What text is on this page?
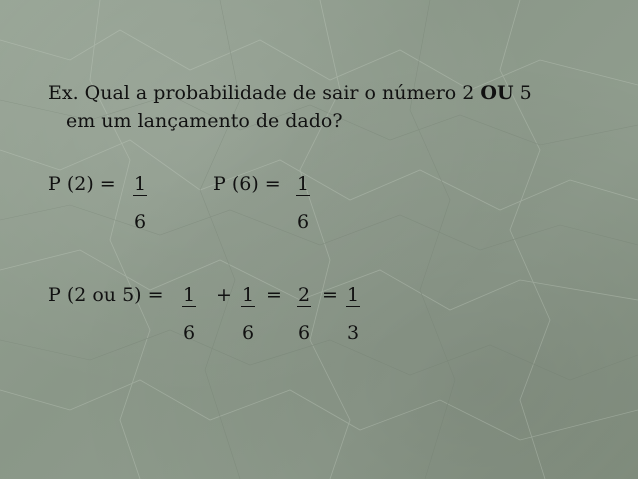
Ex. Qual a probabilidade de sair o número 2 OU 5
em um lançamento de dado?
P (2) = 1
6
P (6) = 1
6
P (2 ou 5) = 1
6
+ 1
6
= 2
6
= 1
3
